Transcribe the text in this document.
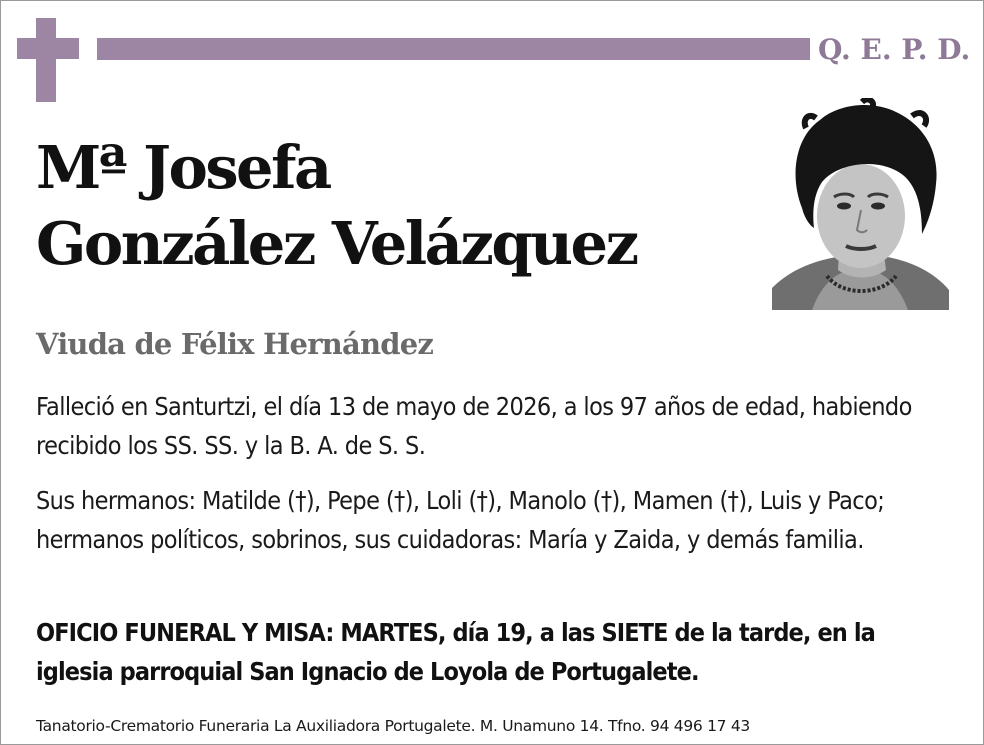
Q. E. P. D.
Mª Josefa
González Velázquez
Viuda de Félix Hernández

Falleció en Santurtzi, el día 13 de mayo de 2026, a los 97 años de edad, habiendo recibido los SS. SS. y la B. A. de S. S.

Sus hermanos: Matilde (†), Pepe (†), Loli (†), Manolo (†), Mamen (†), Luis y Paco; hermanos políticos, sobrinos, sus cuidadoras: María y Zaida, y demás familia.

OFICIO FUNERAL Y MISA: MARTES, día 19, a las SIETE de la tarde, en la iglesia parroquial San Ignacio de Loyola de Portugalete.

Tanatorio-Crematorio Funeraria La Auxiliadora Portugalete. M. Unamuno 14. Tfno. 94 496 17 43
